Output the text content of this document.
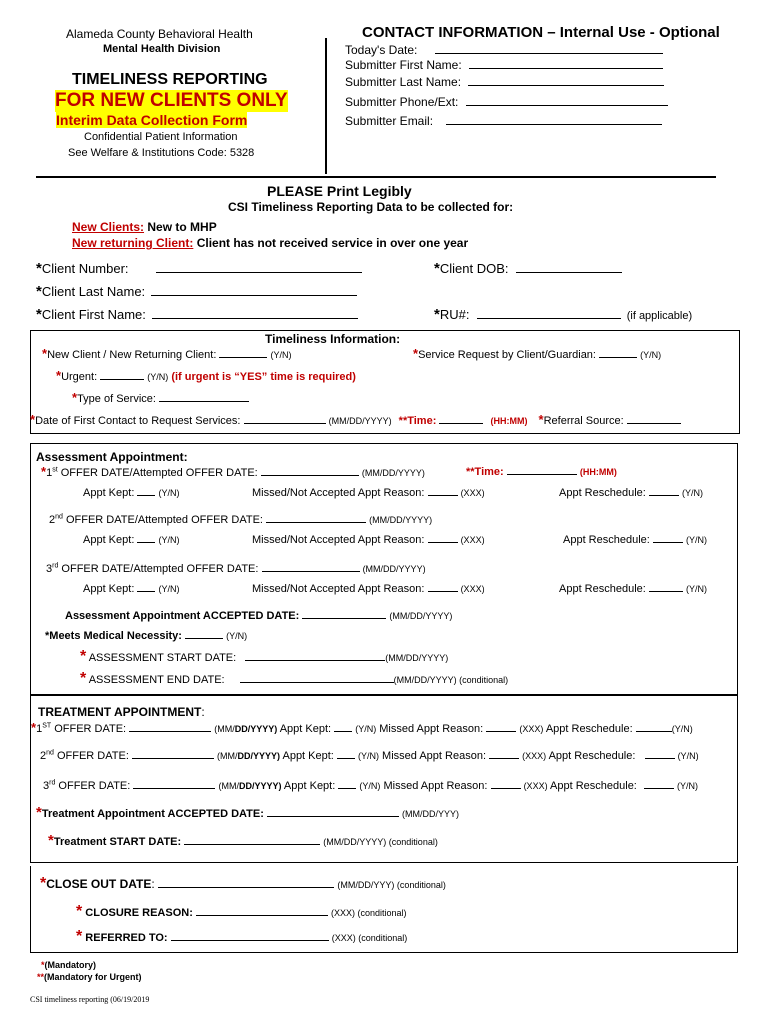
Alameda County Behavioral Health
Mental Health Division
TIMELINESS REPORTING
FOR NEW CLIENTS ONLY
Interim Data Collection Form
Confidential Patient Information
See Welfare & Institutions Code: 5328
CONTACT INFORMATION – Internal Use - Optional
Today's Date:
Submitter First Name:
Submitter Last Name:
Submitter Phone/Ext:
Submitter Email:
PLEASE Print Legibly
CSI Timeliness Reporting Data to be collected for:
New Clients: New to MHP
New returning Client: Client has not received service in over one year
*Client Number:	*Client DOB:
*Client Last Name:
*Client First Name:	*RU#:	(if applicable)
Timeliness Information:
*New Client / New Returning Client:	(Y/N)	*Service Request by Client/Guardian:	(Y/N)
*Urgent:	(Y/N) (if urgent is “YES” time is required)
*Type of Service:
*Date of First Contact to Request Services:	(MM/DD/YYYY) **Time:	(HH:MM) *Referral Source:
Assessment Appointment:
*1st OFFER DATE/Attempted OFFER DATE:	(MM/DD/YYYY)	**Time:	(HH:MM)
Appt Kept:	(Y/N)	Missed/Not Accepted Appt Reason:	(XXX)	Appt Reschedule:	(Y/N)
2nd OFFER DATE/Attempted OFFER DATE:	(MM/DD/YYYY)
Appt Kept:	(Y/N)	Missed/Not Accepted Appt Reason:	(XXX)	Appt Reschedule:	(Y/N)
3rd OFFER DATE/Attempted OFFER DATE:	(MM/DD/YYYY)
Appt Kept:	(Y/N)	Missed/Not Accepted Appt Reason:	(XXX)	Appt Reschedule:	(Y/N)
Assessment Appointment ACCEPTED DATE:	(MM/DD/YYYY)
*Meets Medical Necessity:	(Y/N)
* ASSESSMENT START DATE:	(MM/DD/YYYY)
* ASSESSMENT END DATE:	(MM/DD/YYYY) (conditional)
TREATMENT APPOINTMENT:
*1ST OFFER DATE:	(MM/DD/YYYY) Appt Kept:	(Y/N) Missed Appt Reason:	(XXX) Appt Reschedule:	(Y/N)
2nd OFFER DATE:	(MM/DD/YYYY) Appt Kept:	(Y/N) Missed Appt Reason:	(XXX) Appt Reschedule:	(Y/N)
3rd OFFER DATE:	(MM/DD/YYYY) Appt Kept:	(Y/N) Missed Appt Reason:	(XXX) Appt Reschedule:	(Y/N)
*Treatment Appointment ACCEPTED DATE:	(MM/DD/YYY)
*Treatment START DATE:	(MM/DD/YYYY) (conditional)
*CLOSE OUT DATE:	(MM/DD/YYY) (conditional)
* CLOSURE REASON:	(XXX) (conditional)
* REFERRED TO:	(XXX) (conditional)
*(Mandatory)
**(Mandatory for Urgent)
CSI timeliness reporting (06/19/2019
